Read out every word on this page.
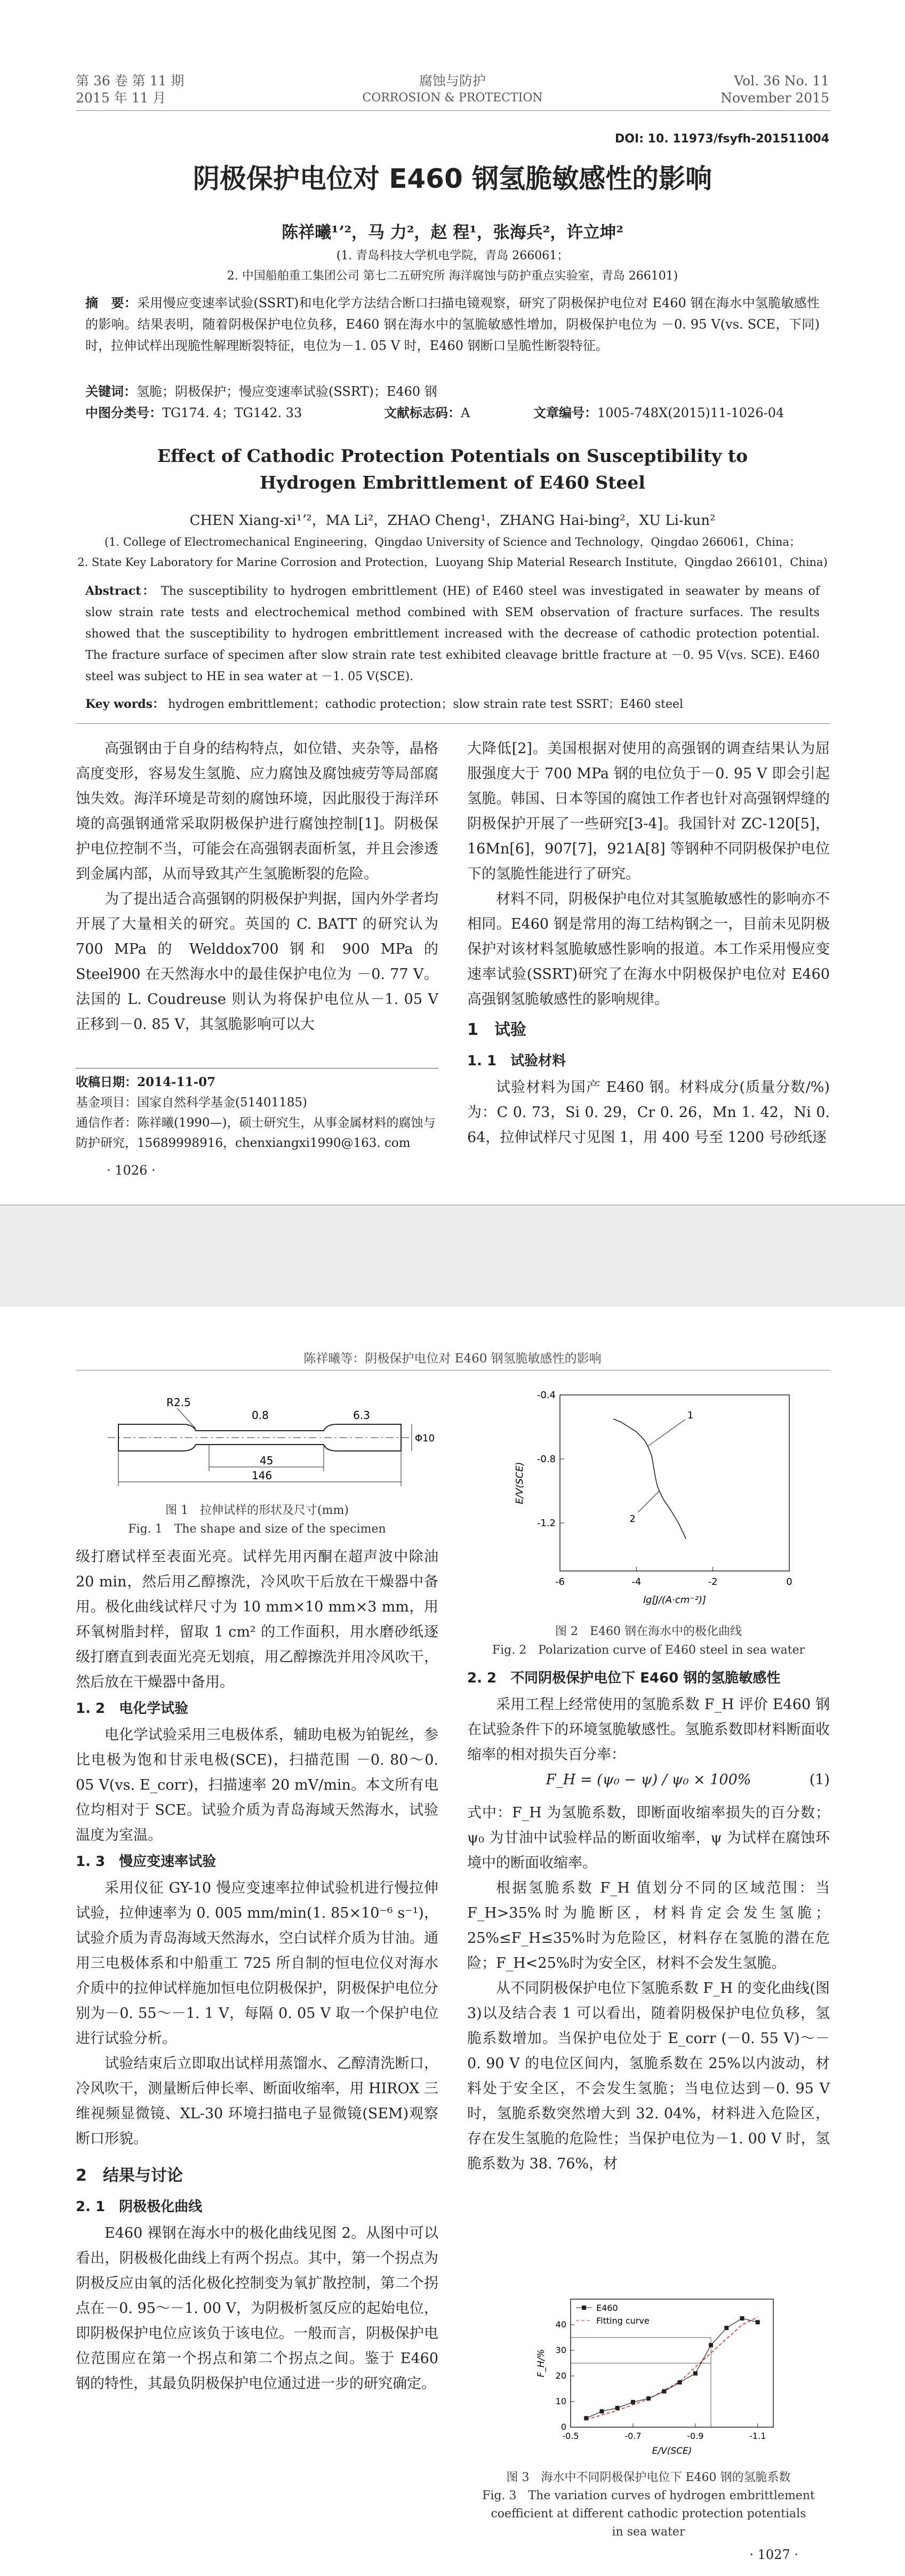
第 36 卷 第 11 期
2015 年 11 月
腐蚀与防护
CORROSION & PROTECTION
Vol. 36 No. 11
November 2015
DOI: 10. 11973/fsyfh-201511004
阴极保护电位对 E460 钢氢脆敏感性的影响
陈祥曦¹ʼ²，马 力²，赵 程¹，张海兵²，许立坤²
(1. 青岛科技大学机电学院，青岛 266061；
2. 中国船舶重工集团公司 第七二五研究所 海洋腐蚀与防护重点实验室，青岛 266101)
摘　要：采用慢应变速率试验(SSRT)和电化学方法结合断口扫描电镜观察，研究了阴极保护电位对 E460 钢在海水中氢脆敏感性的影响。结果表明，随着阴极保护电位负移，E460 钢在海水中的氢脆敏感性增加，阴极保护电位为 －0. 95 V(vs. SCE，下同)时，拉伸试样出现脆性解理断裂特征，电位为－1. 05 V 时，E460 钢断口呈脆性断裂特征。
关键词：氢脆；阴极保护；慢应变速率试验(SSRT)；E460 钢
中图分类号：TG174. 4；TG142. 33	文献标志码：A	文章编号：1005-748X(2015)11-1026-04
Effect of Cathodic Protection Potentials on Susceptibility to Hydrogen Embrittlement of E460 Steel
CHEN Xiang-xi¹ʼ²，MA Li²，ZHAO Cheng¹，ZHANG Hai-bing²，XU Li-kun²
(1. College of Electromechanical Engineering，Qingdao University of Science and Technology，Qingdao 266061，China；
2. State Key Laboratory for Marine Corrosion and Protection，Luoyang Ship Material Research Institute，Qingdao 266101，China)
Abstract： The susceptibility to hydrogen embrittlement (HE) of E460 steel was investigated in seawater by means of slow strain rate tests and electrochemical method combined with SEM observation of fracture surfaces. The results showed that the susceptibility to hydrogen embrittlement increased with the decrease of cathodic protection potential. The fracture surface of specimen after slow strain rate test exhibited cleavage brittle fracture at －0. 95 V(vs. SCE). E460 steel was subject to HE in sea water at －1. 05 V(SCE).
Key words： hydrogen embrittlement；cathodic protection；slow strain rate test SSRT；E460 steel

高强钢由于自身的结构特点，如位错、夹杂等，晶格高度变形，容易发生氢脆、应力腐蚀及腐蚀疲劳等局部腐蚀失效。海洋环境是苛刻的腐蚀环境，因此服役于海洋环境的高强钢通常采取阴极保护进行腐蚀控制[1]。阴极保护电位控制不当，可能会在高强钢表面析氢，并且会渗透到金属内部，从而导致其产生氢脆断裂的危险。

为了提出适合高强钢的阴极保护判据，国内外学者均开展了大量相关的研究。英国的 C. BATT 的研究认为 700 MPa 的 Welddox700 钢和 900 MPa 的 Steel900 在天然海水中的最佳保护电位为 －0. 77 V。法国的 L. Coudreuse 则认为将保护电位从－1. 05 V 正移到－0. 85 V，其氢脆影响可以大

收稿日期：2014-11-07
基金项目：国家自然科学基金(51401185)
通信作者：陈祥曦(1990—)，硕士研究生，从事金属材料的腐蚀与防护研究，15689998916，chenxiangxi1990@163. com
· 1026 ·

大降低[2]。美国根据对使用的高强钢的调查结果认为屈服强度大于 700 MPa 钢的电位负于－0. 95 V 即会引起氢脆。韩国、日本等国的腐蚀工作者也针对高强钢焊缝的阴极保护开展了一些研究[3-4]。我国针对 ZC-120[5]，16Mn[6]，907[7]，921A[8] 等钢种不同阴极保护电位下的氢脆性能进行了研究。

材料不同，阴极保护电位对其氢脆敏感性的影响亦不相同。E460 钢是常用的海工结构钢之一，目前未见阴极保护对该材料氢脆敏感性影响的报道。本工作采用慢应变速率试验(SSRT)研究了在海水中阴极保护电位对 E460 高强钢氢脆敏感性的影响规律。

1　试验
1. 1　试验材料

试验材料为国产 E460 钢。材料成分(质量分数/%)为：C 0. 73，Si 0. 29，Cr 0. 26，Mn 1. 42，Ni 0. 64，拉伸试样尺寸见图 1，用 400 号至 1200 号砂纸逐

陈祥曦等：阴极保护电位对 E460 钢氢脆敏感性的影响
R2.5
0.8	6.3
45
146
Φ10
图 1　拉伸试样的形状及尺寸(mm)
Fig. 1　The shape and size of the specimen

级打磨试样至表面光亮。试样先用丙酮在超声波中除油 20 min，然后用乙醇擦洗，冷风吹干后放在干燥器中备用。极化曲线试样尺寸为 10 mm×10 mm×3 mm，用环氧树脂封样，留取 1 cm² 的工作面积，用水磨砂纸逐级打磨直到表面光亮无划痕，用乙醇擦洗并用冷风吹干，然后放在干燥器中备用。

1. 2　电化学试验

电化学试验采用三电极体系，辅助电极为铂铌丝，参比电极为饱和甘汞电极(SCE)，扫描范围 －0. 80～0. 05 V(vs. E_corr)，扫描速率 20 mV/min。本文所有电位均相对于 SCE。试验介质为青岛海域天然海水，试验温度为室温。

1. 3　慢应变速率试验

采用仪征 GY-10 慢应变速率拉伸试验机进行慢拉伸试验，拉伸速率为 0. 005 mm/min(1. 85×10⁻⁶ s⁻¹)，试验介质为青岛海域天然海水，空白试样介质为甘油。通用三电极体系和中船重工 725 所自制的恒电位仪对海水介质中的拉伸试样施加恒电位阴极保护，阴极保护电位分别为－0. 55～－1. 1 V，每隔 0. 05 V 取一个保护电位进行试验分析。

试验结束后立即取出试样用蒸馏水、乙醇清洗断口，冷风吹干，测量断后伸长率、断面收缩率，用 HIROX 三维视频显微镜、XL-30 环境扫描电子显微镜(SEM)观察断口形貌。

2　结果与讨论
2. 1　阴极极化曲线

E460 裸钢在海水中的极化曲线见图 2。从图中可以看出，阴极极化曲线上有两个拐点。其中，第一个拐点为阴极反应由氧的活化极化控制变为氧扩散控制，第二个拐点在－0. 95～－1. 00 V，为阴极析氢反应的起始电位，即阴极保护电位应该负于该电位。一般而言，阴极保护电位范围应在第一个拐点和第二个拐点之间。鉴于 E460 钢的特性，其最负阴极保护电位通过进一步的研究确定。

-6	-4	-2	0
-0.4
-0.8
-1.2
lg[J/(A·cm⁻²)]
E/V(SCE)
1
2
图 2　E460 钢在海水中的极化曲线
Fig. 2　Polarization curve of E460 steel in sea water
2. 2　不同阴极保护电位下 E460 钢的氢脆敏感性

采用工程上经常使用的氢脆系数 F_H 评价 E460 钢在试验条件下的环境氢脆敏感性。氢脆系数即材料断面收缩率的相对损失百分率：

F_H = (ψ₀ − ψ) / ψ₀ × 100%	(1)

式中：F_H 为氢脆系数，即断面收缩率损失的百分数；ψ₀ 为甘油中试验样品的断面收缩率，ψ 为试样在腐蚀环境中的断面收缩率。

根据氢脆系数 F_H 值划分不同的区域范围：当 F_H>35%时为脆断区，材料肯定会发生氢脆；25%≤F_H≤35%时为危险区，材料存在氢脆的潜在危险；F_H<25%时为安全区，材料不会发生氢脆。

从不同阴极保护电位下氢脆系数 F_H 的变化曲线(图 3)以及结合表 1 可以看出，随着阴极保护电位负移，氢脆系数增加。当保护电位处于 E_corr (－0. 55 V)～－0. 90 V 的电位区间内，氢脆系数在 25%以内波动，材料处于安全区，不会发生氢脆；当电位达到－0. 95 V 时，氢脆系数突然增大到 32. 04%，材料进入危险区，存在发生氢脆的危险性；当保护电位为－1. 00 V 时，氢脆系数为 38. 76%，材

-0.5	-0.7	-0.9	-1.1
0
10
20
30
40
E/V(SCE)
F_H/%
E460
Fitting curve
图 3　海水中不同阴极保护电位下 E460 钢的氢脆系数
Fig. 3　The variation curves of hydrogen embrittlement
coefficient at different cathodic protection potentials
in sea water
· 1027 ·
